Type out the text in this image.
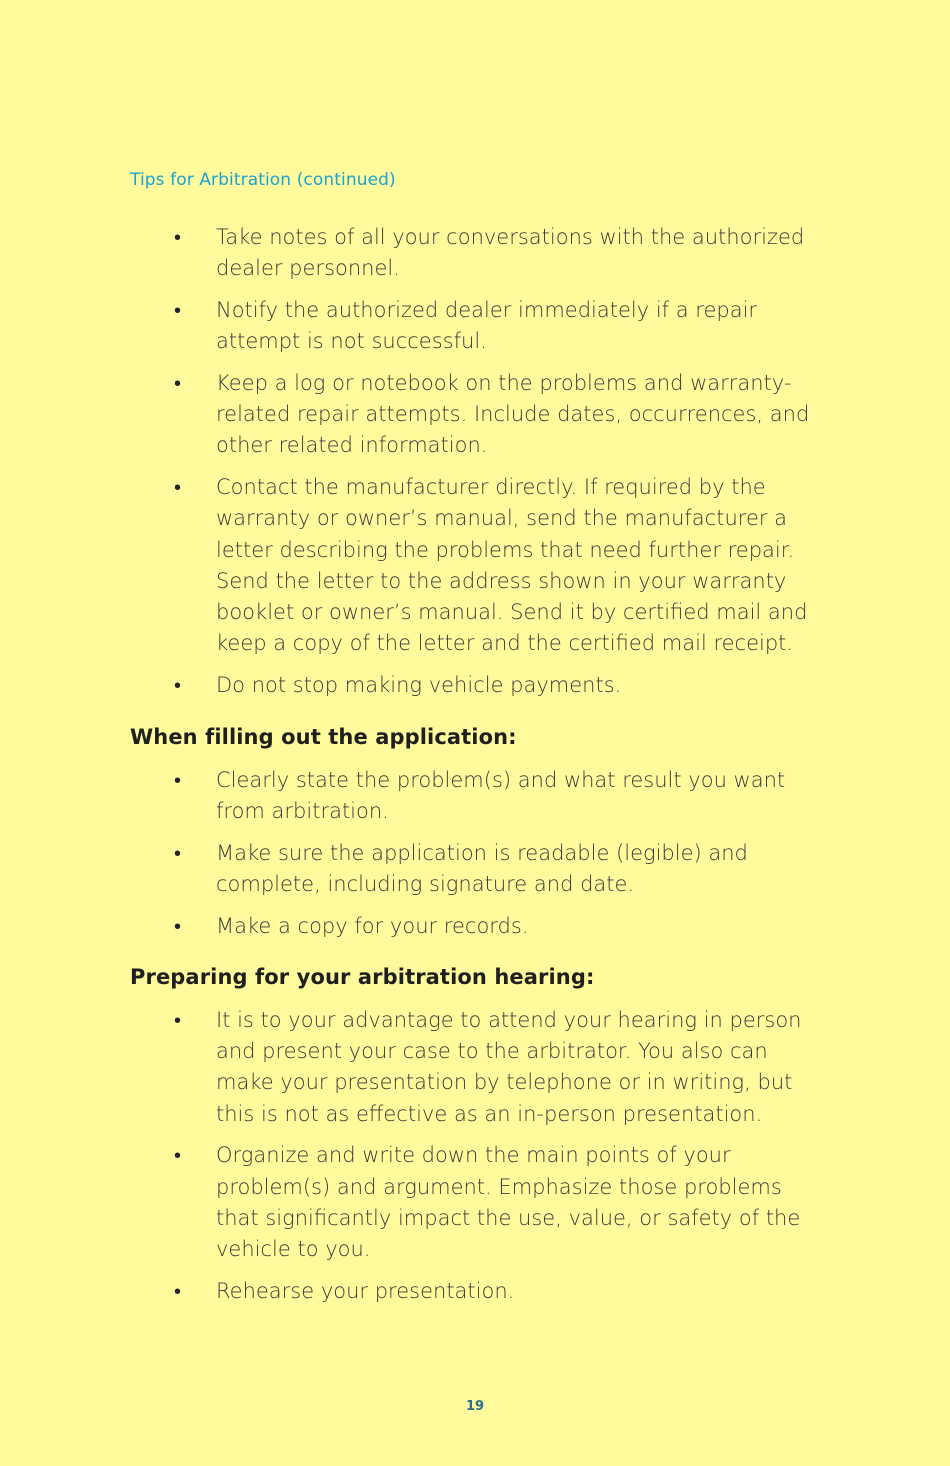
Tips for Arbitration (continued)
• Take notes of all your conversations with the authorized dealer personnel.
• Notify the authorized dealer immediately if a repair attempt is not successful.
• Keep a log or notebook on the problems and warranty-related repair attempts. Include dates, occurrences, and other related information.
• Contact the manufacturer directly. If required by the warranty or owner’s manual, send the manufacturer a letter describing the problems that need further repair. Send the letter to the address shown in your warranty booklet or owner’s manual. Send it by certified mail and keep a copy of the letter and the certified mail receipt.
• Do not stop making vehicle payments.
When filling out the application:
• Clearly state the problem(s) and what result you want from arbitration.
• Make sure the application is readable (legible) and complete, including signature and date.
• Make a copy for your records.
Preparing for your arbitration hearing:
• It is to your advantage to attend your hearing in person and present your case to the arbitrator. You also can make your presentation by telephone or in writing, but this is not as effective as an in-person presentation.
• Organize and write down the main points of your problem(s) and argument. Emphasize those problems that significantly impact the use, value, or safety of the vehicle to you.
• Rehearse your presentation.
19
